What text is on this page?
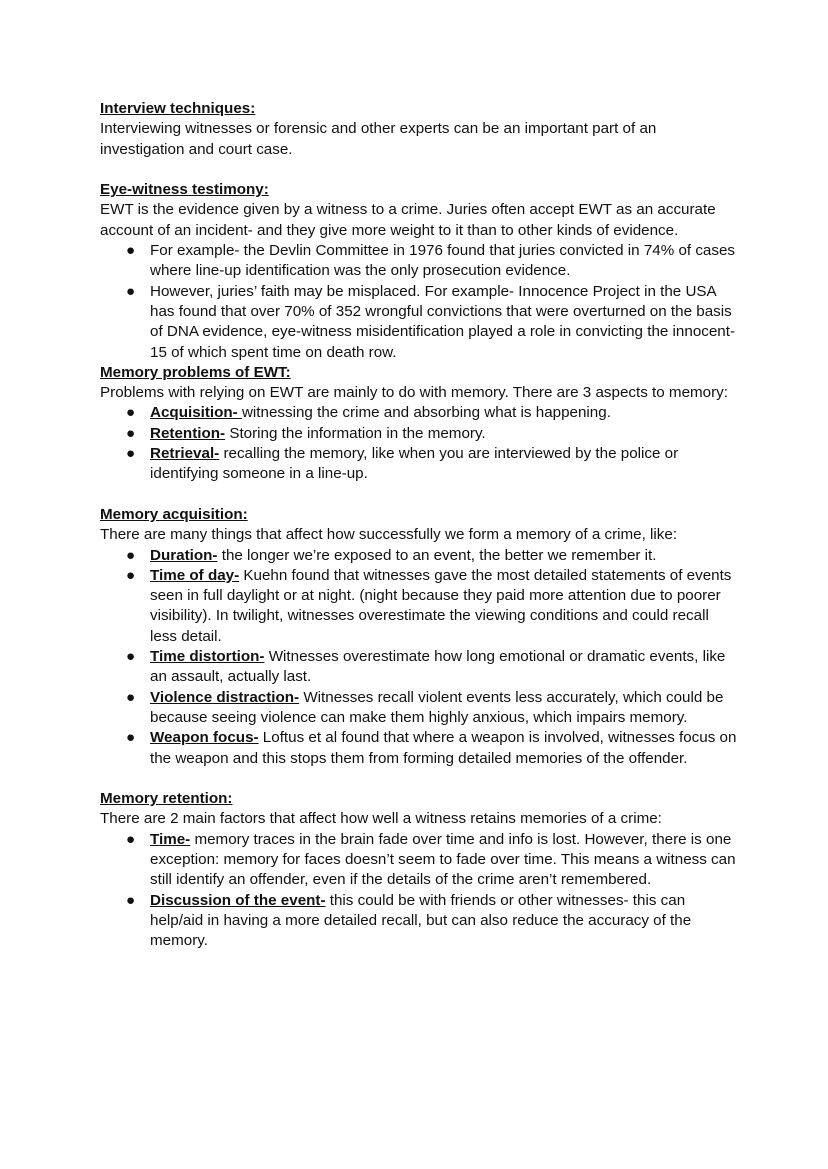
Interview techniques:

Interviewing witnesses or forensic and other experts can be an important part of an investigation and court case.

Eye-witness testimony:

EWT is the evidence given by a witness to a crime. Juries often accept EWT as an accurate account of an incident- and they give more weight to it than to other kinds of evidence.

● For example- the Devlin Committee in 1976 found that juries convicted in 74% of cases where line-up identification was the only prosecution evidence.
● However, juries’ faith may be misplaced. For example- Innocence Project in the USA has found that over 70% of 352 wrongful convictions that were overturned on the basis of DNA evidence, eye-witness misidentification played a role in convicting the innocent- 15 of which spent time on death row.
Memory problems of EWT:

Problems with relying on EWT are mainly to do with memory. There are 3 aspects to memory:

● Acquisition- witnessing the crime and absorbing what is happening.
● Retention- Storing the information in the memory.
● Retrieval- recalling the memory, like when you are interviewed by the police or identifying someone in a line-up.
Memory acquisition:

There are many things that affect how successfully we form a memory of a crime, like:

● Duration- the longer we’re exposed to an event, the better we remember it.
● Time of day- Kuehn found that witnesses gave the most detailed statements of events seen in full daylight or at night. (night because they paid more attention due to poorer visibility). In twilight, witnesses overestimate the viewing conditions and could recall less detail.
● Time distortion- Witnesses overestimate how long emotional or dramatic events, like an assault, actually last.
● Violence distraction- Witnesses recall violent events less accurately, which could be because seeing violence can make them highly anxious, which impairs memory.
● Weapon focus- Loftus et al found that where a weapon is involved, witnesses focus on the weapon and this stops them from forming detailed memories of the offender.
Memory retention:

There are 2 main factors that affect how well a witness retains memories of a crime:

● Time- memory traces in the brain fade over time and info is lost. However, there is one exception: memory for faces doesn’t seem to fade over time. This means a witness can still identify an offender, even if the details of the crime aren’t remembered.
● Discussion of the event- this could be with friends or other witnesses- this can help/aid in having a more detailed recall, but can also reduce the accuracy of the memory.
